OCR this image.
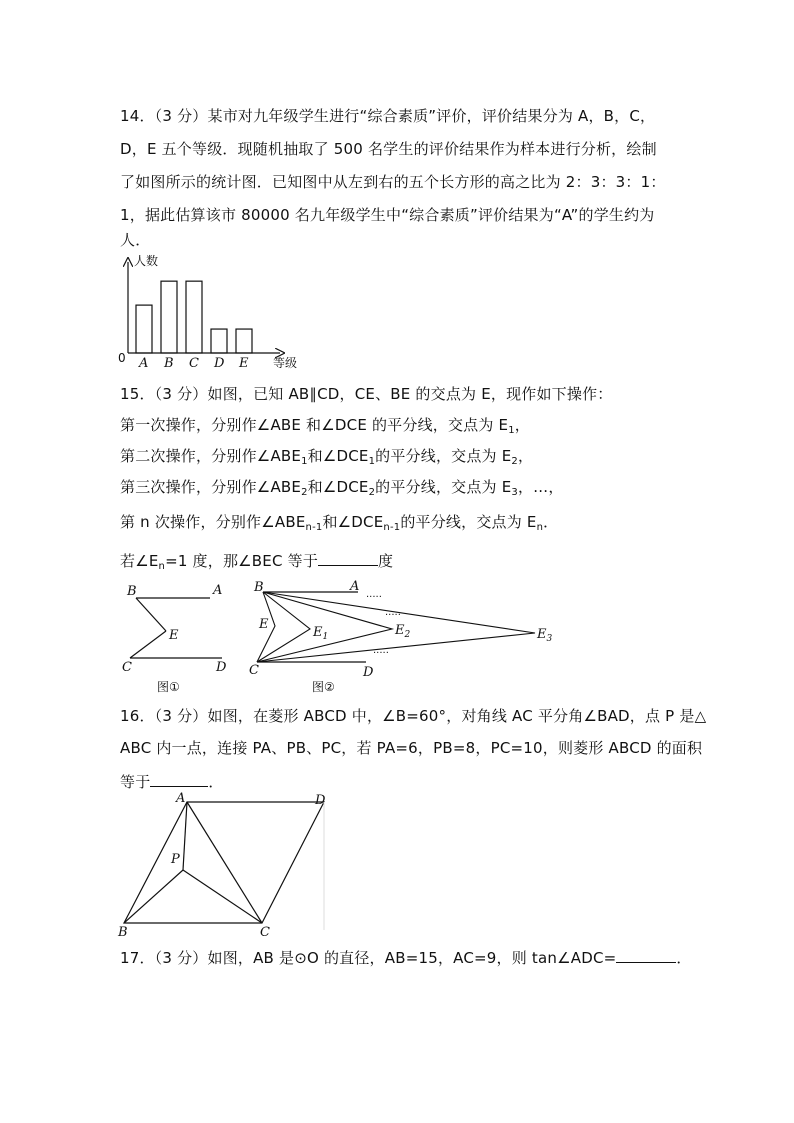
14．（3 分）某市对九年级学生进行“综合素质”评价，评价结果分为 A，B，C，
D，E 五个等级．现随机抽取了 500 名学生的评价结果作为样本进行分析，绘制
了如图所示的统计图．已知图中从左到右的五个长方形的高之比为 2：3：3：1：
1，据此估算该市 80000 名九年级学生中“综合素质”评价结果为“A”的学生约为
人．
人数
等级
0 A B C D E
15．（3 分）如图，已知 AB∥CD，CE、BE 的交点为 E，现作如下操作：
第一次操作，分别作∠ABE 和∠DCE 的平分线，交点为 $E_1$，
第二次操作，分别作$\angle ABE_1$和$\angle DCE_1$的平分线，交点为 $E_2$，
第三次操作，分别作$\angle ABE_2$和$\angle DCE_2$的平分线，交点为 $E_3$，…，
第 n 次操作，分别作$\angle ABE_{n-1}$和$\angle DCE_{n-1}$的平分线，交点为 $E_n$．
若$\angle E_n=1$ 度，那∠BEC 等于	度
B	A
E
C	D
图①
B	A
E
$E_1$	$E_2$	$E_3$
C	D
·····
·····
·····
图②
16．（3 分）如图，在菱形 ABCD 中，∠B=60°，对角线 AC 平分角∠BAD，点 P 是△
ABC 内一点，连接 PA、PB、PC，若 PA=6，PB=8，PC=10，则菱形 ABCD 的面积
等于	．
A	D
P
B	C
17．（3 分）如图，AB 是⊙O 的直径，AB=15，AC=9，则 tan∠ADC=	．
